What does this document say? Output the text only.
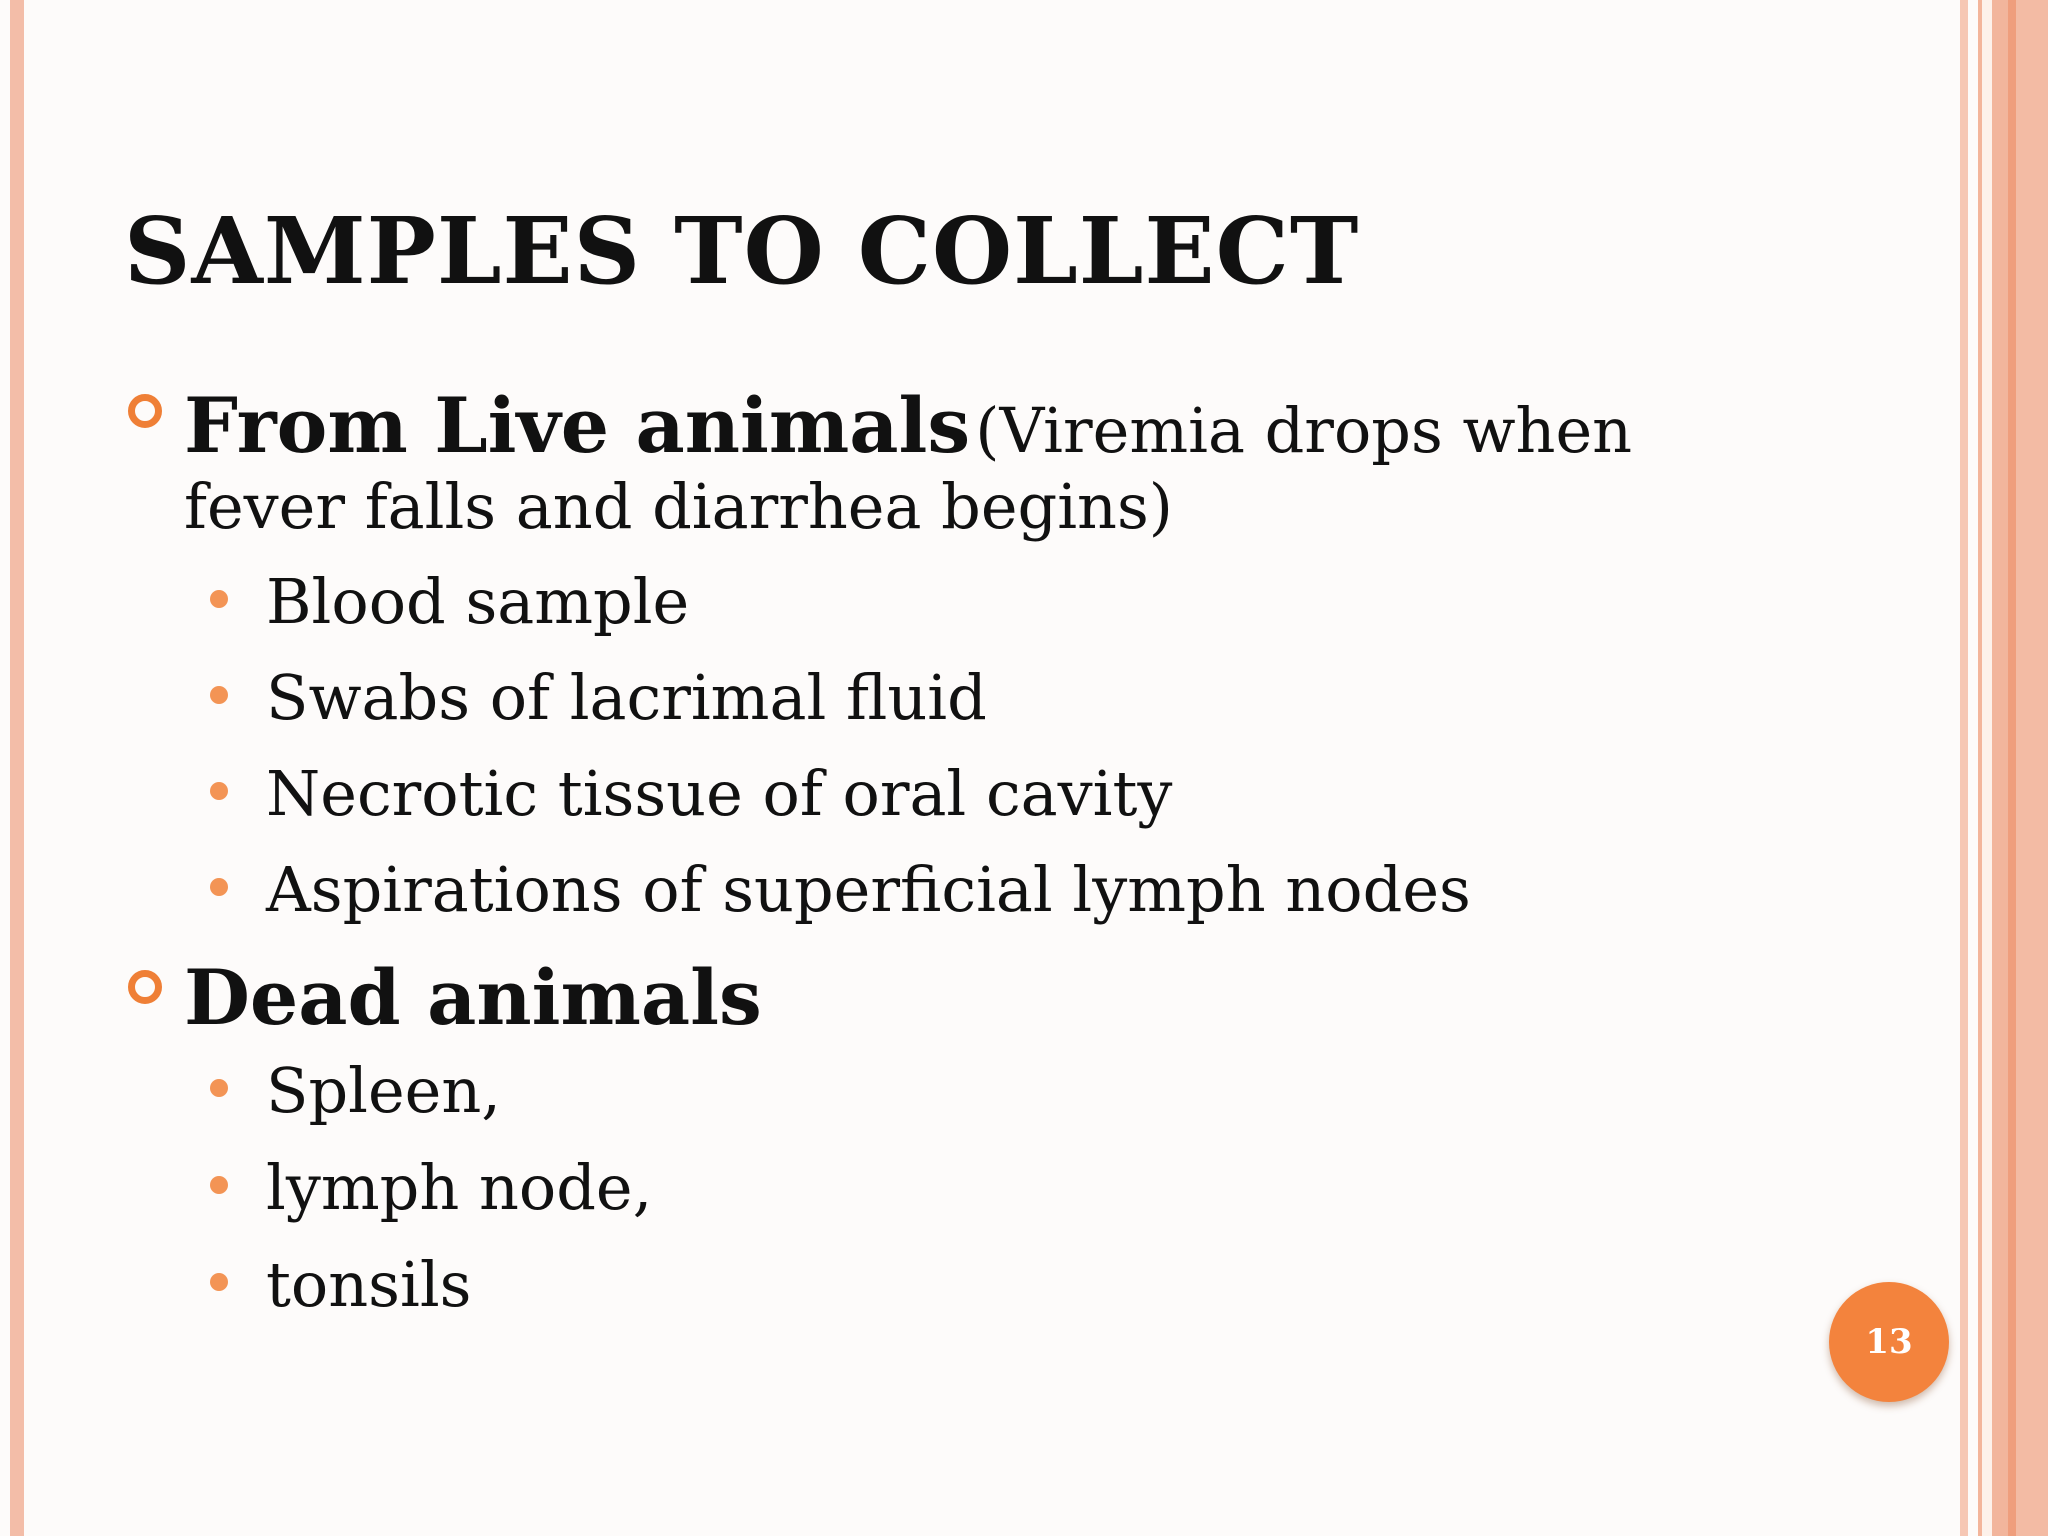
SAMPLES TO COLLECT
From Live animals (Viremia drops when
fever falls and diarrhea begins)
Blood sample
Swabs of lacrimal fluid
Necrotic tissue of oral cavity
Aspirations of superficial lymph nodes
Dead animals
Spleen,
lymph node,
tonsils
13
